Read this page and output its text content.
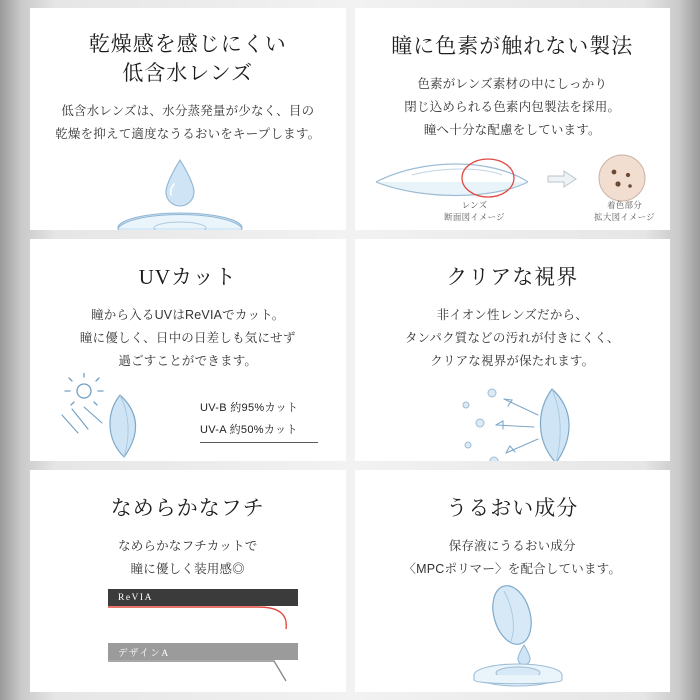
乾燥感を感じにくい
低含水レンズ
低含水レンズは、水分蒸発量が少なく、目の
乾燥を抑えて適度なうるおいをキープします。
瞳に色素が触れない製法
色素がレンズ素材の中にしっかり
閉じ込められる色素内包製法を採用。
瞳へ十分な配慮をしています。
レンズ
断面図イメージ
着色部分
拡大図イメージ
UVカット
瞳から入るUVはReVIAでカット。
瞳に優しく、日中の日差しも気にせず
過ごすことができます。
UV-B 約95%カット
UV-A 約50%カット
クリアな視界
非イオン性レンズだから、
タンパク質などの汚れが付きにくく、
クリアな視界が保たれます。
なめらかなフチ
なめらかなフチカットで
瞳に優しく装用感◎
ReVIA
デザインA
うるおい成分
保存液にうるおい成分
〈MPCポリマー〉を配合しています。
